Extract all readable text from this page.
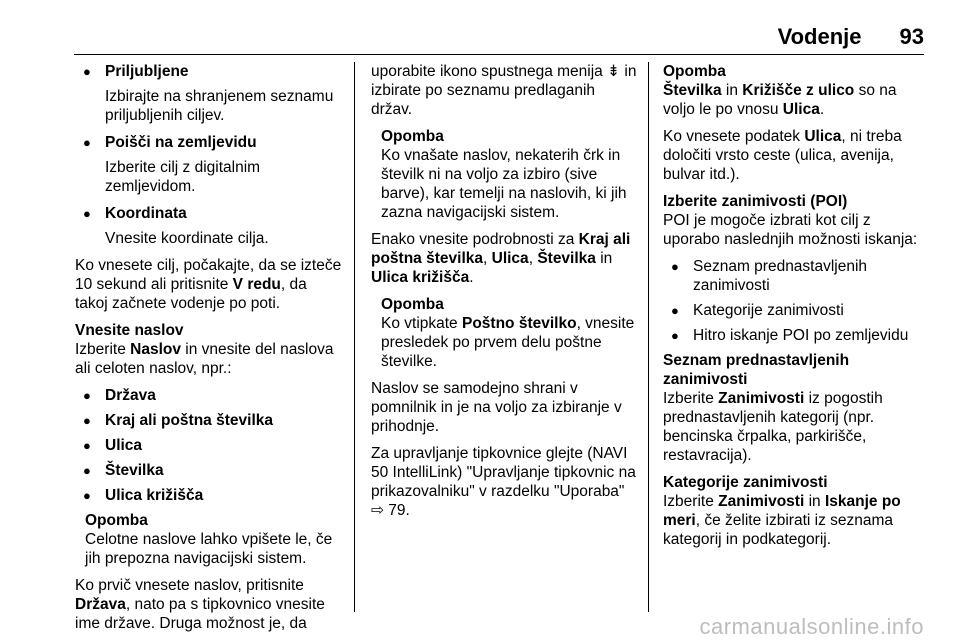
Vodenje 93
● Priljubljene
Izbirajte na shranjenem seznamu priljubljenih ciljev.
● Poišči na zemljevidu
Izberite cilj z digitalnim zemljevidom.
● Koordinata
Vnesite koordinate cilja.

Ko vnesete cilj, počakajte, da se izteče 10 sekund ali pritisnite V redu, da takoj začnete vodenje po poti.

Vnesite naslov

Izberite Naslov in vnesite del naslova ali celoten naslov, npr.:

● Država
● Kraj ali poštna številka
● Ulica
● Številka
● Ulica križišča
Opomba
Celotne naslove lahko vpišete le, če jih prepozna navigacijski sistem.

Ko prvič vnesete naslov, pritisnite Država, nato pa s tipkovnico vnesite ime države. Druga možnost je, da

uporabite ikono spustnega menija ⇟ in izbirate po seznamu predlaganih držav.

Opomba
Ko vnašate naslov, nekaterih črk in številk ni na voljo za izbiro (sive barve), kar temelji na naslovih, ki jih zazna navigacijski sistem.

Enako vnesite podrobnosti za Kraj ali poštna številka, Ulica, Številka in Ulica križišča.

Opomba
Ko vtipkate Poštno številko, vnesite presledek po prvem delu poštne številke.

Naslov se samodejno shrani v pomnilnik in je na voljo za izbiranje v prihodnje.

Za upravljanje tipkovnice glejte (NAVI 50 IntelliLink) "Upravljanje tipkovnic na prikazovalniku" v razdelku "Uporaba" ⇨ 79.

Opomba
Številka in Križišče z ulico so na voljo le po vnosu Ulica.

Ko vnesete podatek Ulica, ni treba določiti vrsto ceste (ulica, avenija, bulvar itd.).

Izberite zanimivosti (POI)

POI je mogoče izbrati kot cilj z uporabo naslednjih možnosti iskanja:

● Seznam prednastavljenih zanimivosti
● Kategorije zanimivosti
● Hitro iskanje POI po zemljevidu
Seznam prednastavljenih zanimivosti

Izberite Zanimivosti iz pogostih prednastavljenih kategorij (npr. bencinska črpalka, parkirišče, restavracija).

Kategorije zanimivosti

Izberite Zanimivosti in Iskanje po meri, če želite izbirati iz seznama kategorij in podkategorij.

carmanualsonline.info
